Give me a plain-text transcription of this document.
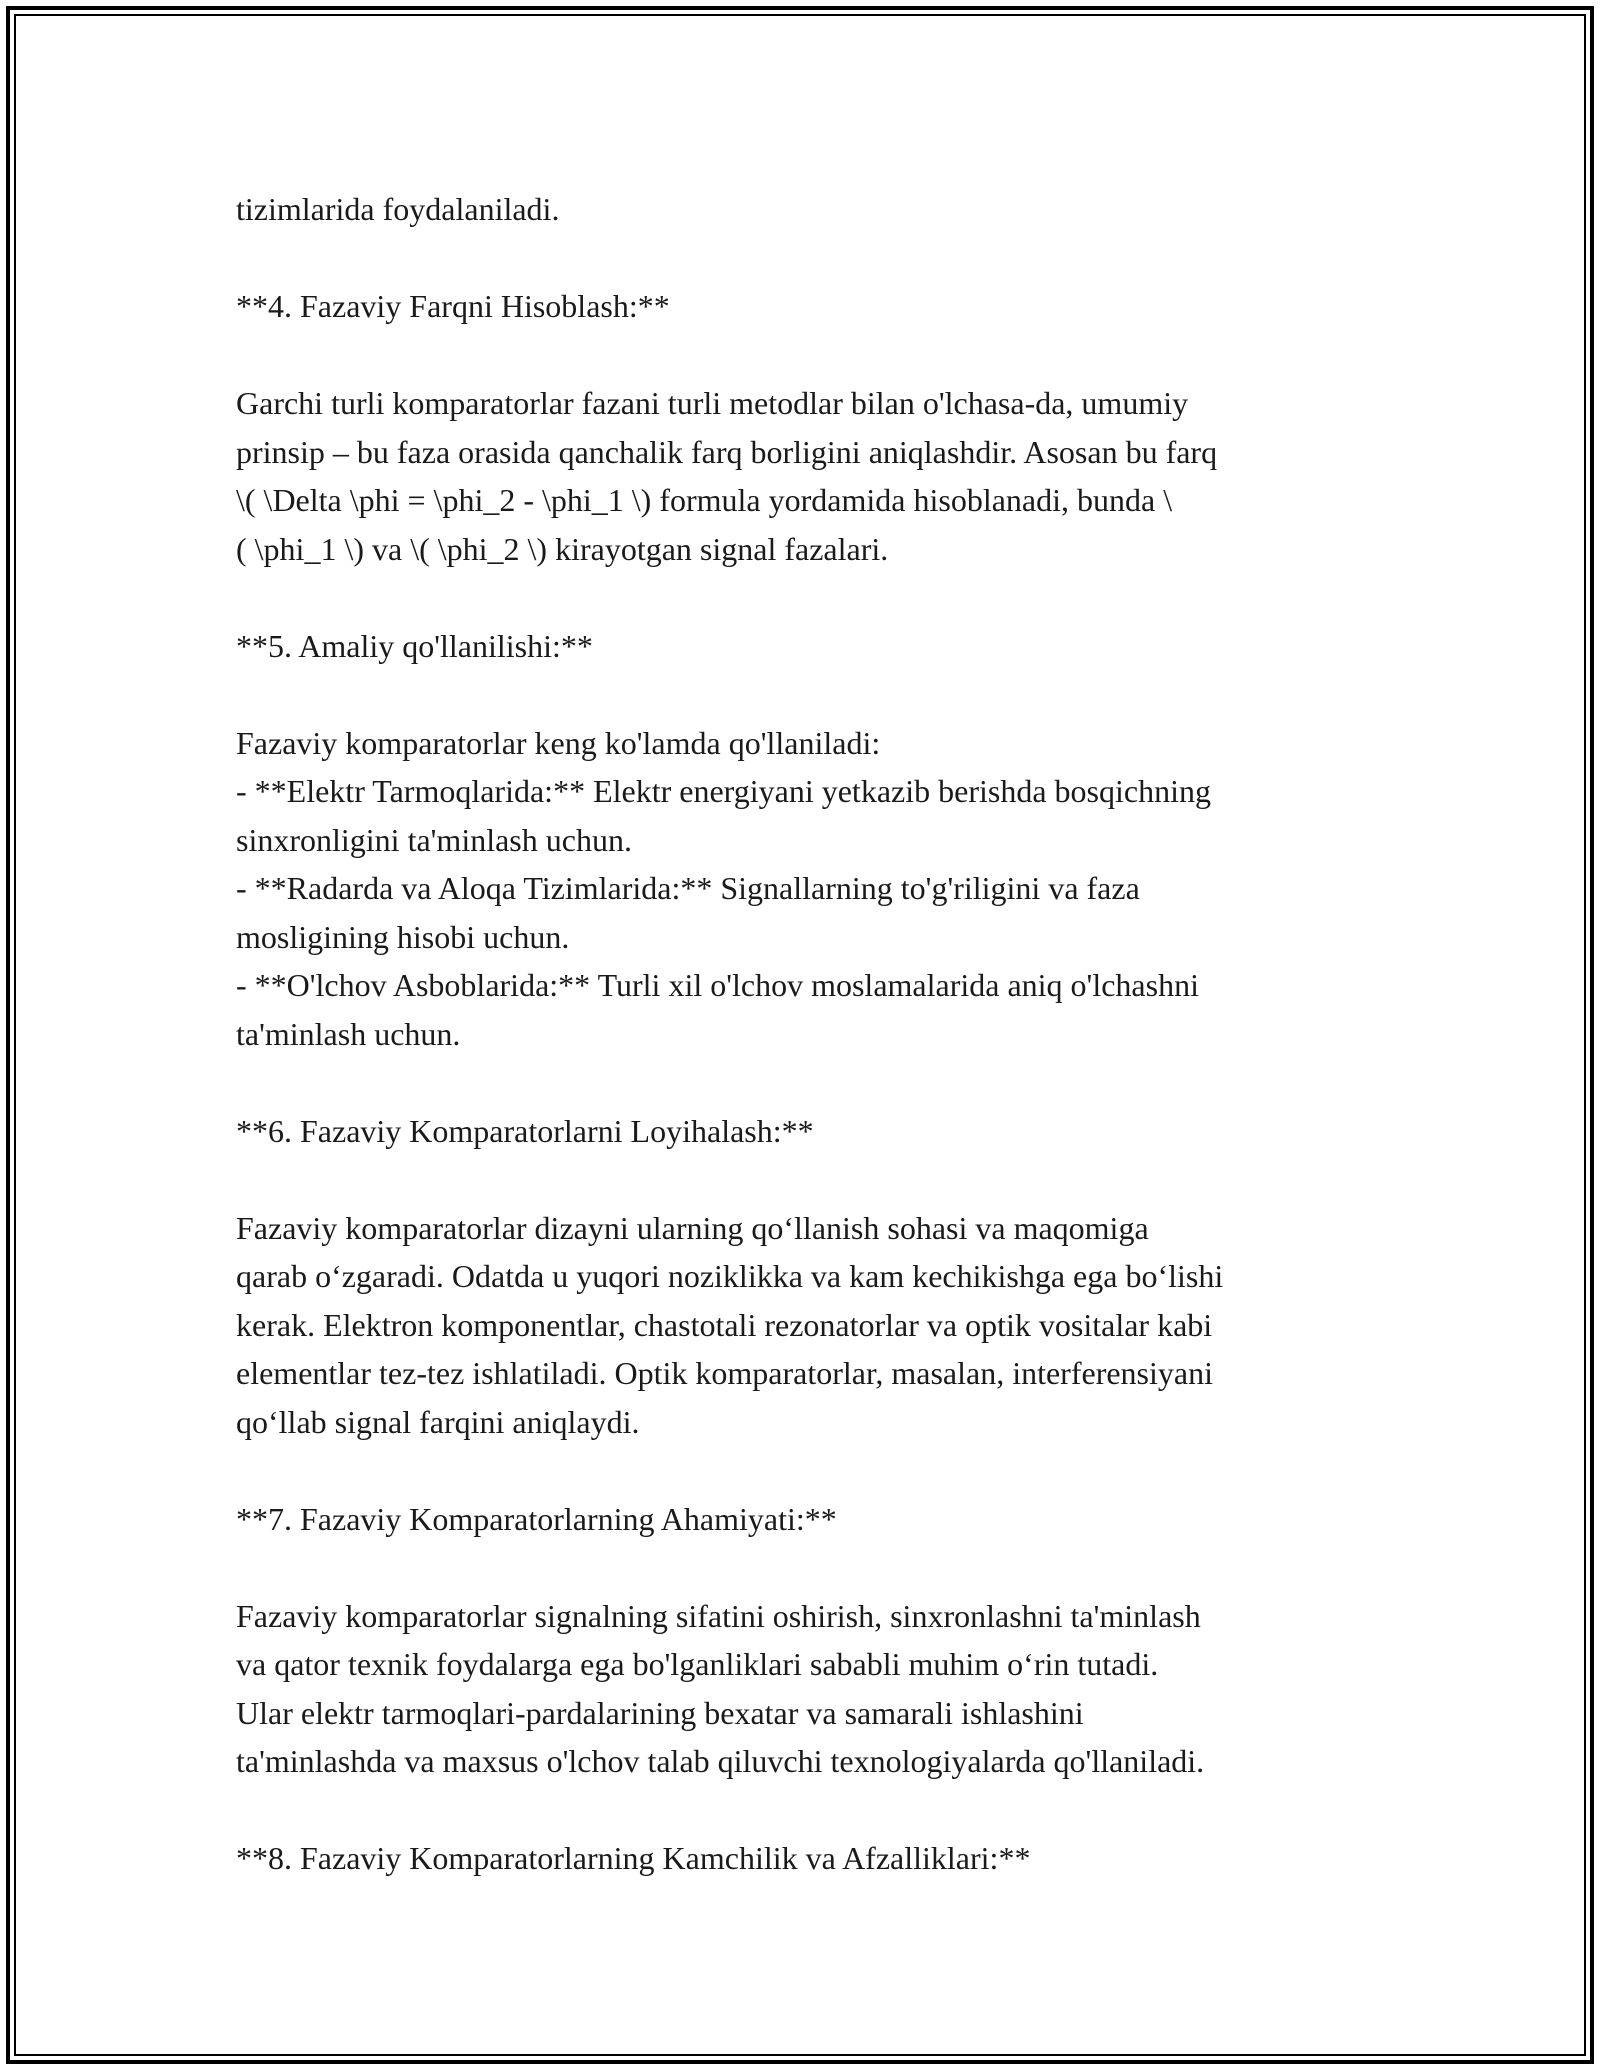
tizimlarida foydalaniladi.
**4. Fazaviy Farqni Hisoblash:**
Garchi turli komparatorlar fazani turli metodlar bilan o'lchasa-da, umumiy
prinsip – bu faza orasida qanchalik farq borligini aniqlashdir. Asosan bu farq
\( \Delta \phi = \phi_2 - \phi_1 \) formula yordamida hisoblanadi, bunda \
( \phi_1 \) va \( \phi_2 \) kirayotgan signal fazalari.
**5. Amaliy qo'llanilishi:**
Fazaviy komparatorlar keng ko'lamda qo'llaniladi:
- **Elektr Tarmoqlarida:** Elektr energiyani yetkazib berishda bosqichning
sinxronligini ta'minlash uchun.
- **Radarda va Aloqa Tizimlarida:** Signallarning to'g'riligini va faza
mosligining hisobi uchun.
- **O'lchov Asboblarida:** Turli xil o'lchov moslamalarida aniq o'lchashni
ta'minlash uchun.
**6. Fazaviy Komparatorlarni Loyihalash:**
Fazaviy komparatorlar dizayni ularning qo‘llanish sohasi va maqomiga
qarab o‘zgaradi. Odatda u yuqori noziklikka va kam kechikishga ega bo‘lishi
kerak. Elektron komponentlar, chastotali rezonatorlar va optik vositalar kabi
elementlar tez-tez ishlatiladi. Optik komparatorlar, masalan, interferensiyani
qo‘llab signal farqini aniqlaydi.
**7. Fazaviy Komparatorlarning Ahamiyati:**
Fazaviy komparatorlar signalning sifatini oshirish, sinxronlashni ta'minlash
va qator texnik foydalarga ega bo'lganliklari sababli muhim o‘rin tutadi.
Ular elektr tarmoqlari-pardalarining bexatar va samarali ishlashini
ta'minlashda va maxsus o'lchov talab qiluvchi texnologiyalarda qo'llaniladi.
**8. Fazaviy Komparatorlarning Kamchilik va Afzalliklari:**
